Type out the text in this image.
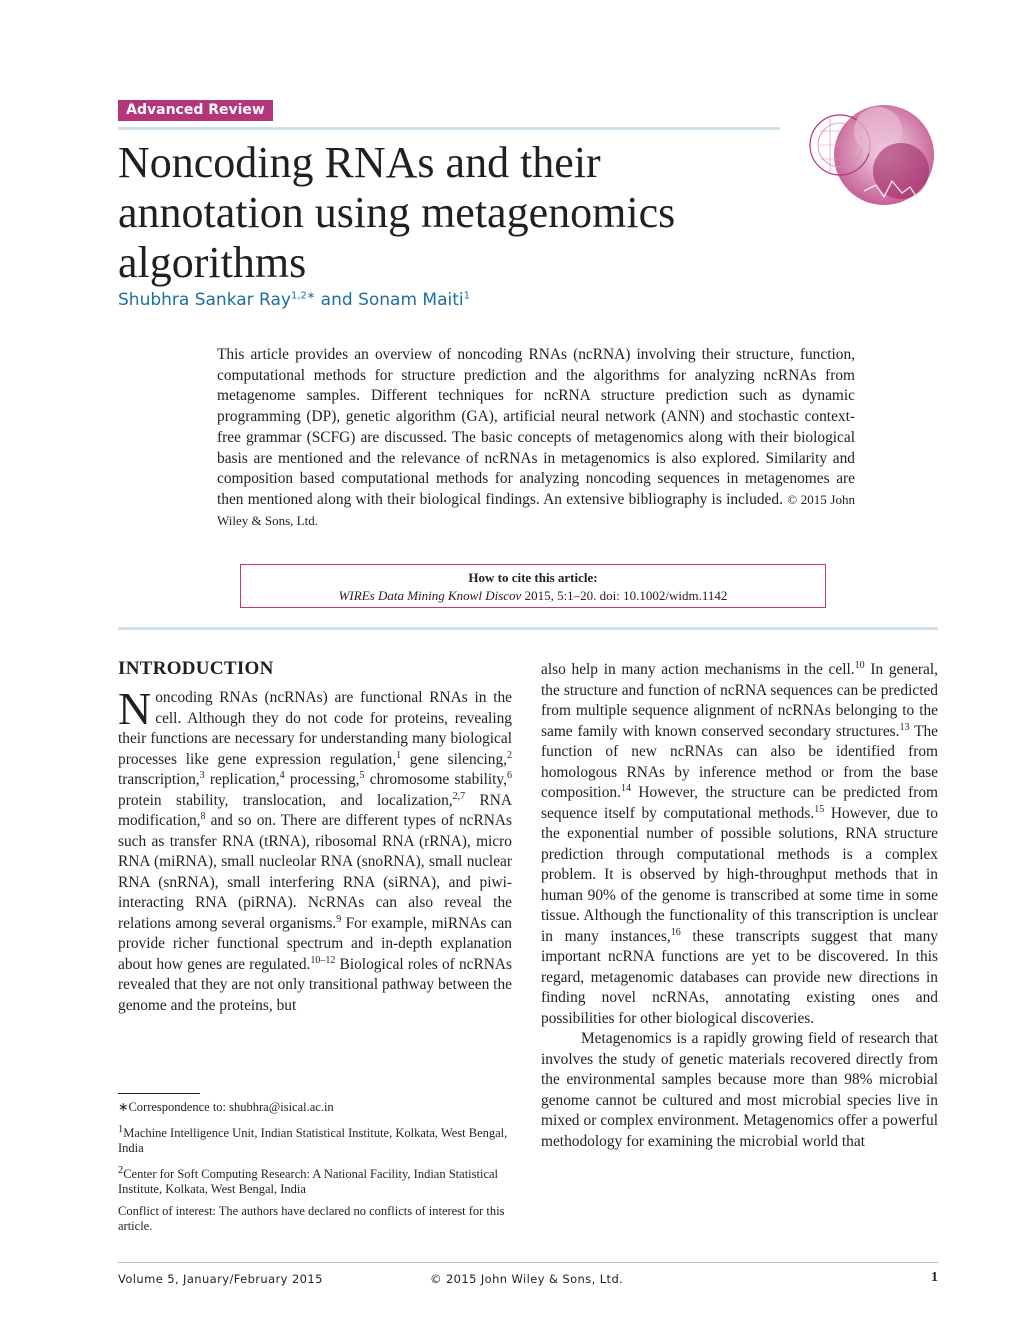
Advanced Review
Noncoding RNAs and their annotation using metagenomics algorithms
Shubhra Sankar Ray$^{1,2∗}$ and Sonam Maiti$^1$
This article provides an overview of noncoding RNAs (ncRNA) involving their structure, function, computational methods for structure prediction and the algorithms for analyzing ncRNAs from metagenome samples. Different techniques for ncRNA structure prediction such as dynamic programming (DP), genetic algorithm (GA), artificial neural network (ANN) and stochastic context-free grammar (SCFG) are discussed. The basic concepts of metagenomics along with their biological basis are mentioned and the relevance of ncRNAs in metagenomics is also explored. Similarity and composition based computational methods for analyzing noncoding sequences in metagenomes are then mentioned along with their biological findings. An extensive bibliography is included. © 2015 John Wiley & Sons, Ltd.
How to cite this article:
WIREs Data Mining Knowl Discov 2015, 5:1–20. doi: 10.1002/widm.1142
INTRODUCTION

Noncoding RNAs (ncRNAs) are functional RNAs in the cell. Although they do not code for proteins, revealing their functions are necessary for understanding many biological processes like gene expression regulation,$^1$ gene silencing,$^2$ transcription,$^3$ replication,$^4$ processing,$^5$ chromosome stability,$^6$ protein stability, translocation, and localization,$^{2,7}$ RNA modification,$^8$ and so on. There are different types of ncRNAs such as transfer RNA (tRNA), ribosomal RNA (rRNA), micro RNA (miRNA), small nucleolar RNA (snoRNA), small nuclear RNA (snRNA), small interfering RNA (siRNA), and piwi-interacting RNA (piRNA). NcRNAs can also reveal the relations among several organisms.$^9$ For example, miRNAs can provide richer functional spectrum and in-depth explanation about how genes are regulated.$^{10-12}$ Biological roles of ncRNAs revealed that they are not only transitional pathway between the genome and the proteins, but

also help in many action mechanisms in the cell.$^{10}$ In general, the structure and function of ncRNA sequences can be predicted from multiple sequence alignment of ncRNAs belonging to the same family with known conserved secondary structures.$^{13}$ The function of new ncRNAs can also be identified from homologous RNAs by inference method or from the base composition.$^{14}$ However, the structure can be predicted from sequence itself by computational methods.$^{15}$ However, due to the exponential number of possible solutions, RNA structure prediction through computational methods is a complex problem. It is observed by high-throughput methods that in human 90% of the genome is transcribed at some time in some tissue. Although the functionality of this transcription is unclear in many instances,$^{16}$ these transcripts suggest that many important ncRNA functions are yet to be discovered. In this regard, metagenomic databases can provide new directions in finding novel ncRNAs, annotating existing ones and possibilities for other biological discoveries.

Metagenomics is a rapidly growing field of research that involves the study of genetic materials recovered directly from the environmental samples because more than 98% microbial genome cannot be cultured and most microbial species live in mixed or complex environment. Metagenomics offer a powerful methodology for examining the microbial world that

∗Correspondence to: shubhra@isical.ac.in

$^1$Machine Intelligence Unit, Indian Statistical Institute, Kolkata, West Bengal, India

$^2$Center for Soft Computing Research: A National Facility, Indian Statistical Institute, Kolkata, West Bengal, India

Conflict of interest: The authors have declared no conflicts of interest for this article.

Volume 5, January/February 2015	© 2015 John Wiley & Sons, Ltd.	1
